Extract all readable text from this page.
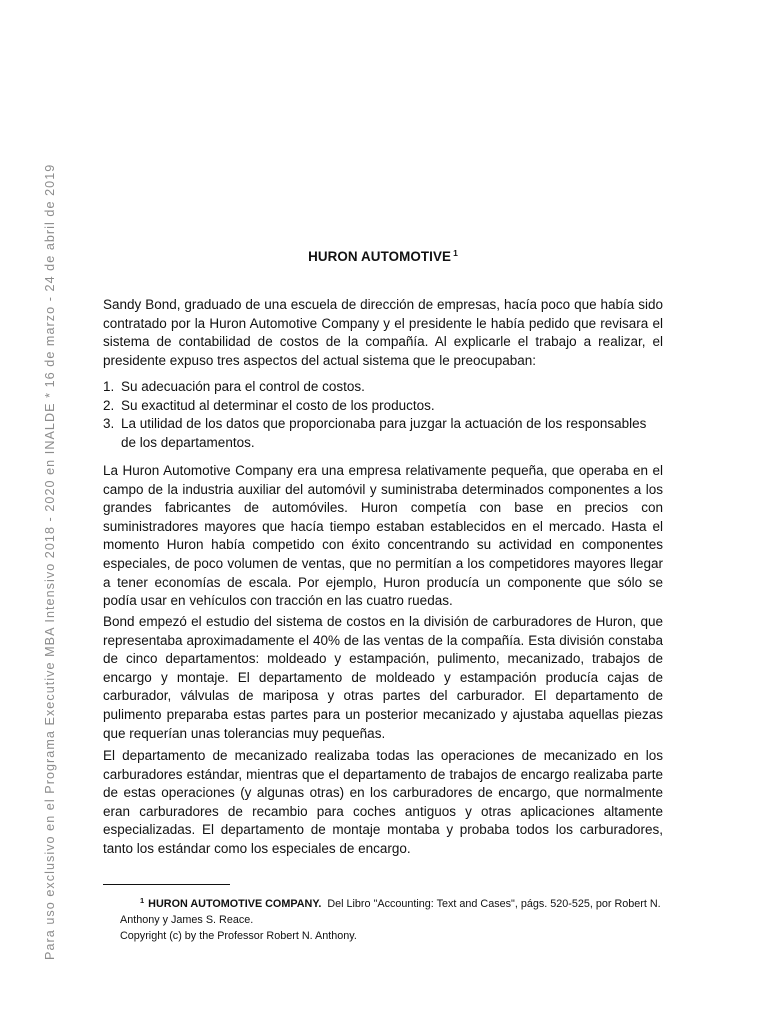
Para uso exclusivo en el Programa Executive MBA Intensivo 2018 - 2020 en INALDE * 16 de marzo - 24 de abril de 2019	HURON AUTOMOTIVE $^1$

Sandy Bond, graduado de una escuela de dirección de empresas, hacía poco que había sido contratado por la Huron Automotive Company y el presidente le había pedido que revisara el sistema de contabilidad de costos de la compañía. Al explicarle el trabajo a realizar, el presidente expuso tres aspectos del actual sistema que le preocupaban:

1. Su adecuación para el control de costos.
2. Su exactitud al determinar el costo de los productos.
3. La utilidad de los datos que proporcionaba para juzgar la actuación de los responsables de los departamentos.

La Huron Automotive Company era una empresa relativamente pequeña, que operaba en el campo de la industria auxiliar del automóvil y suministraba determinados componentes a los grandes fabricantes de automóviles. Huron competía con base en precios con suministradores mayores que hacía tiempo estaban establecidos en el mercado. Hasta el momento Huron había competido con éxito concentrando su actividad en componentes especiales, de poco volumen de ventas, que no permitían a los competidores mayores llegar a tener economías de escala. Por ejemplo, Huron producía un componente que sólo se podía usar en vehículos con tracción en las cuatro ruedas.

Bond empezó el estudio del sistema de costos en la división de carburadores de Huron, que representaba aproximadamente el 40% de las ventas de la compañía. Esta división constaba de cinco departamentos: moldeado y estampación, pulimento, mecanizado, trabajos de encargo y montaje. El departamento de moldeado y estampación producía cajas de carburador, válvulas de mariposa y otras partes del carburador. El departamento de pulimento preparaba estas partes para un posterior mecanizado y ajustaba aquellas piezas que requerían unas tolerancias muy pequeñas.

El departamento de mecanizado realizaba todas las operaciones de mecanizado en los carburadores estándar, mientras que el departamento de trabajos de encargo realizaba parte de estas operaciones (y algunas otras) en los carburadores de encargo, que normalmente eran carburadores de recambio para coches antiguos y otras aplicaciones altamente especializadas. El departamento de montaje montaba y probaba todos los carburadores, tanto los estándar como los especiales de encargo.

$^1$ HURON AUTOMOTIVE COMPANY. Del Libro "Accounting: Text and Cases", págs. 520-525, por Robert N. Anthony y James S. Reace.
Copyright (c) by the Professor Robert N. Anthony.
